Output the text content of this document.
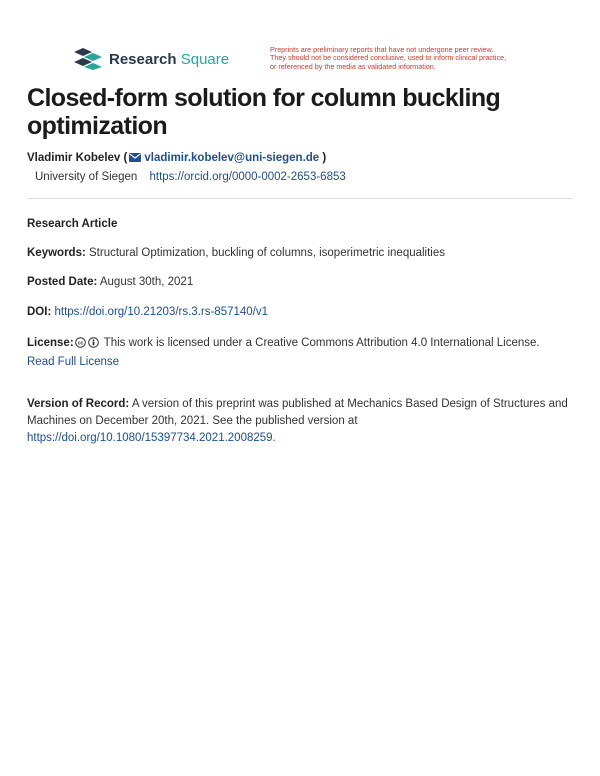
Research Square
Preprints are preliminary reports that have not undergone peer review.
They should not be considered conclusive, used to inform clinical practice,
or referenced by the media as validated information.
Closed-form solution for column buckling optimization
Vladimir Kobelev ( vladimir.kobelev@uni-siegen.de )
University of Siegen https://orcid.org/0000-0002-2653-6853
Research Article
Keywords: Structural Optimization, buckling of columns, isoperimetric inequalities
Posted Date: August 30th, 2021
DOI: https://doi.org/10.21203/rs.3.rs-857140/v1
License: cc This work is licensed under a Creative Commons Attribution 4.0 International License.
Read Full License
Version of Record: A version of this preprint was published at Mechanics Based Design of Structures and
Machines on December 20th, 2021. See the published version at
https://doi.org/10.1080/15397734.2021.2008259.
